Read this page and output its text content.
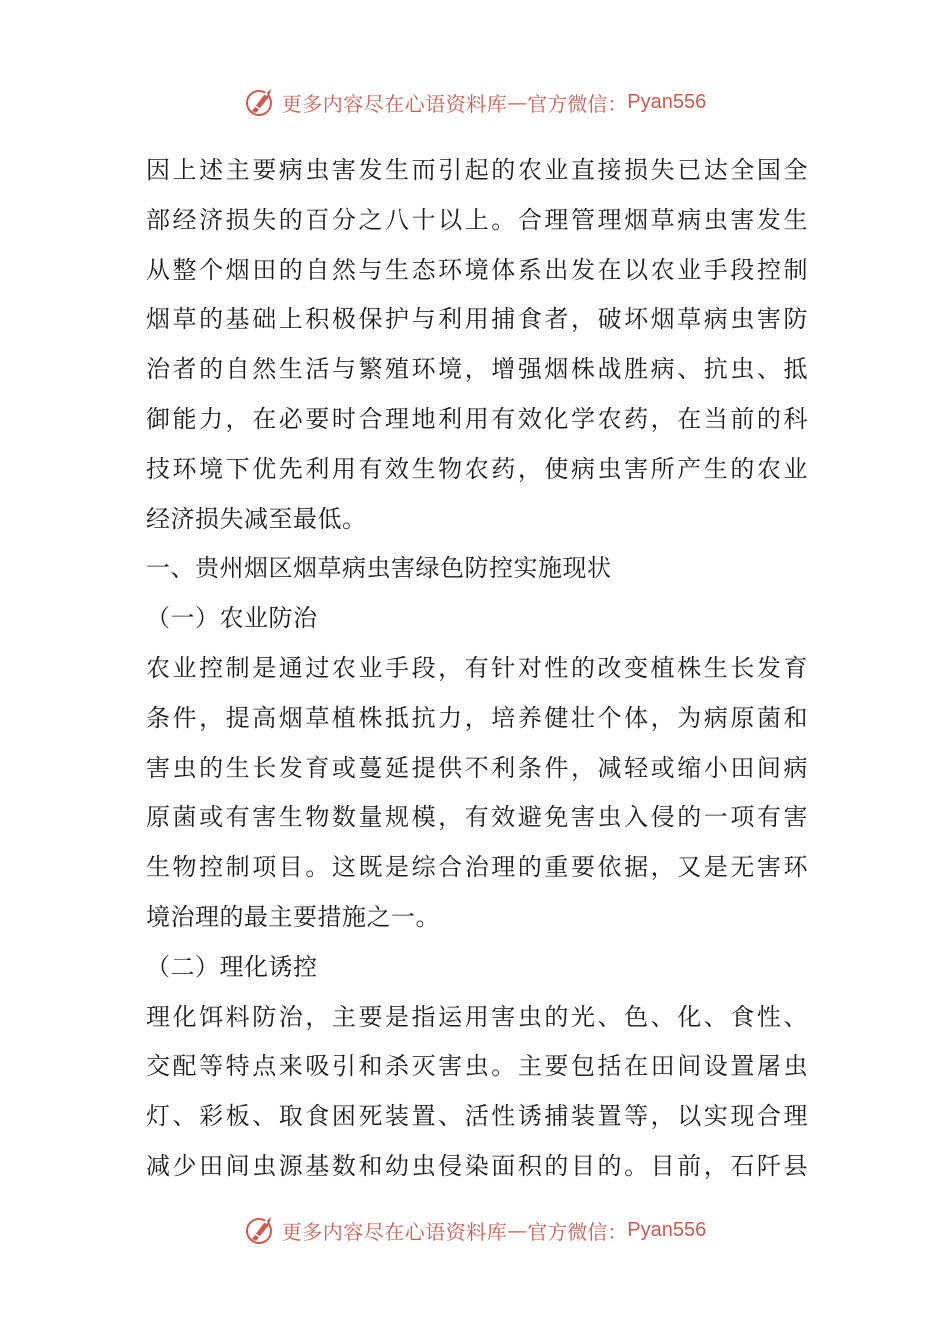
更多内容尽在心语资料库 — 官方微信： Pyan556
因上述主要病虫害发生而引起的农业直接损失已达全国全
部经济损失的百分之八十以上。合理管理烟草病虫害发生
从整个烟田的自然与生态环境体系出发在以农业手段控制
烟草的基础上积极保护与利用捕食者，破坏烟草病虫害防
治者的自然生活与繁殖环境，增强烟株战胜病、抗虫、抵
御能力，在必要时合理地利用有效化学农药，在当前的科
技环境下优先利用有效生物农药，使病虫害所产生的农业
经济损失减至最低。
一、贵州烟区烟草病虫害绿色防控实施现状
（一）农业防治
农业控制是通过农业手段，有针对性的改变植株生长发育
条件，提高烟草植株抵抗力，培养健壮个体，为病原菌和
害虫的生长发育或蔓延提供不利条件，减轻或缩小田间病
原菌或有害生物数量规模，有效避免害虫入侵的一项有害
生物控制项目。这既是综合治理的重要依据，又是无害环
境治理的最主要措施之一。
（二）理化诱控
理化饵料防治，主要是指运用害虫的光、色、化、食性、
交配等特点来吸引和杀灭害虫。主要包括在田间设置屠虫
灯、彩板、取食困死装置、活性诱捕装置等，以实现合理
减少田间虫源基数和幼虫侵染面积的目的。目前，石阡县
更多内容尽在心语资料库 — 官方微信： Pyan556
